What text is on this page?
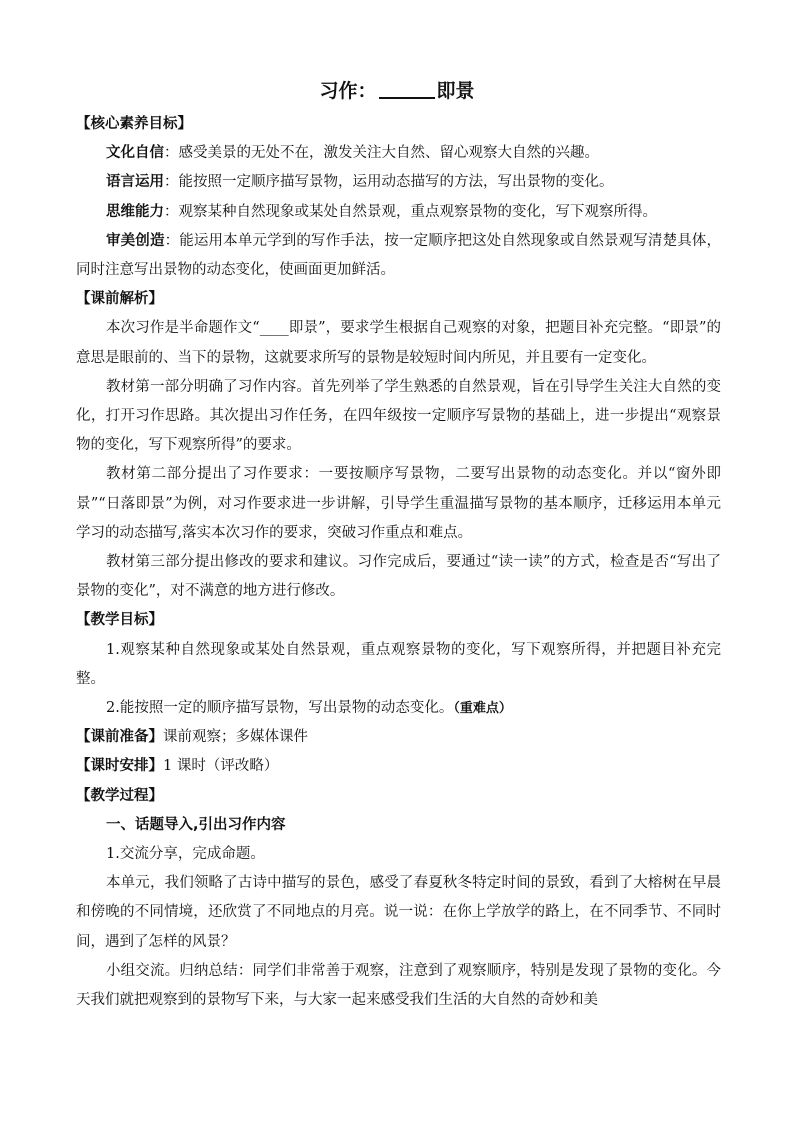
习作：	即景

【核心素养目标】

文化自信：感受美景的无处不在，激发关注大自然、留心观察大自然的兴趣。

语言运用：能按照一定顺序描写景物，运用动态描写的方法，写出景物的变化。

思维能力：观察某种自然现象或某处自然景观，重点观察景物的变化，写下观察所得。

审美创造：能运用本单元学到的写作手法，按一定顺序把这处自然现象或自然景观写清楚具体，同时注意写出景物的动态变化，使画面更加鲜活。

【课前解析】

本次习作是半命题作文“____即景”，要求学生根据自己观察的对象，把题目补充完整。“即景”的意思是眼前的、当下的景物，这就要求所写的景物是较短时间内所见，并且要有一定变化。

教材第一部分明确了习作内容。首先列举了学生熟悉的自然景观，旨在引导学生关注大自然的变化，打开习作思路。其次提出习作任务，在四年级按一定顺序写景物的基础上，进一步提出“观察景物的变化，写下观察所得”的要求。

教材第二部分提出了习作要求：一要按顺序写景物，二要写出景物的动态变化。并以“窗外即景”“日落即景”为例，对习作要求进一步讲解，引导学生重温描写景物的基本顺序，迁移运用本单元学习的动态描写,落实本次习作的要求，突破习作重点和难点。

教材第三部分提出修改的要求和建议。习作完成后，要通过“读一读”的方式，检查是否“写出了景物的变化”，对不满意的地方进行修改。

【教学目标】

1.观察某种自然现象或某处自然景观，重点观察景物的变化，写下观察所得，并把题目补充完整。

2.能按照一定的顺序描写景物，写出景物的动态变化。（重难点）

【课前准备】课前观察；多媒体课件

【课时安排】1 课时（评改略）

【教学过程】

一、话题导入,引出习作内容

1.交流分享，完成命题。

本单元，我们领略了古诗中描写的景色，感受了春夏秋冬特定时间的景致，看到了大榕树在早晨和傍晚的不同情境，还欣赏了不同地点的月亮。说一说：在你上学放学的路上，在不同季节、不同时间，遇到了怎样的风景？

小组交流。归纳总结：同学们非常善于观察，注意到了观察顺序，特别是发现了景物的变化。今天我们就把观察到的景物写下来，与大家一起来感受我们生活的大自然的奇妙和美
